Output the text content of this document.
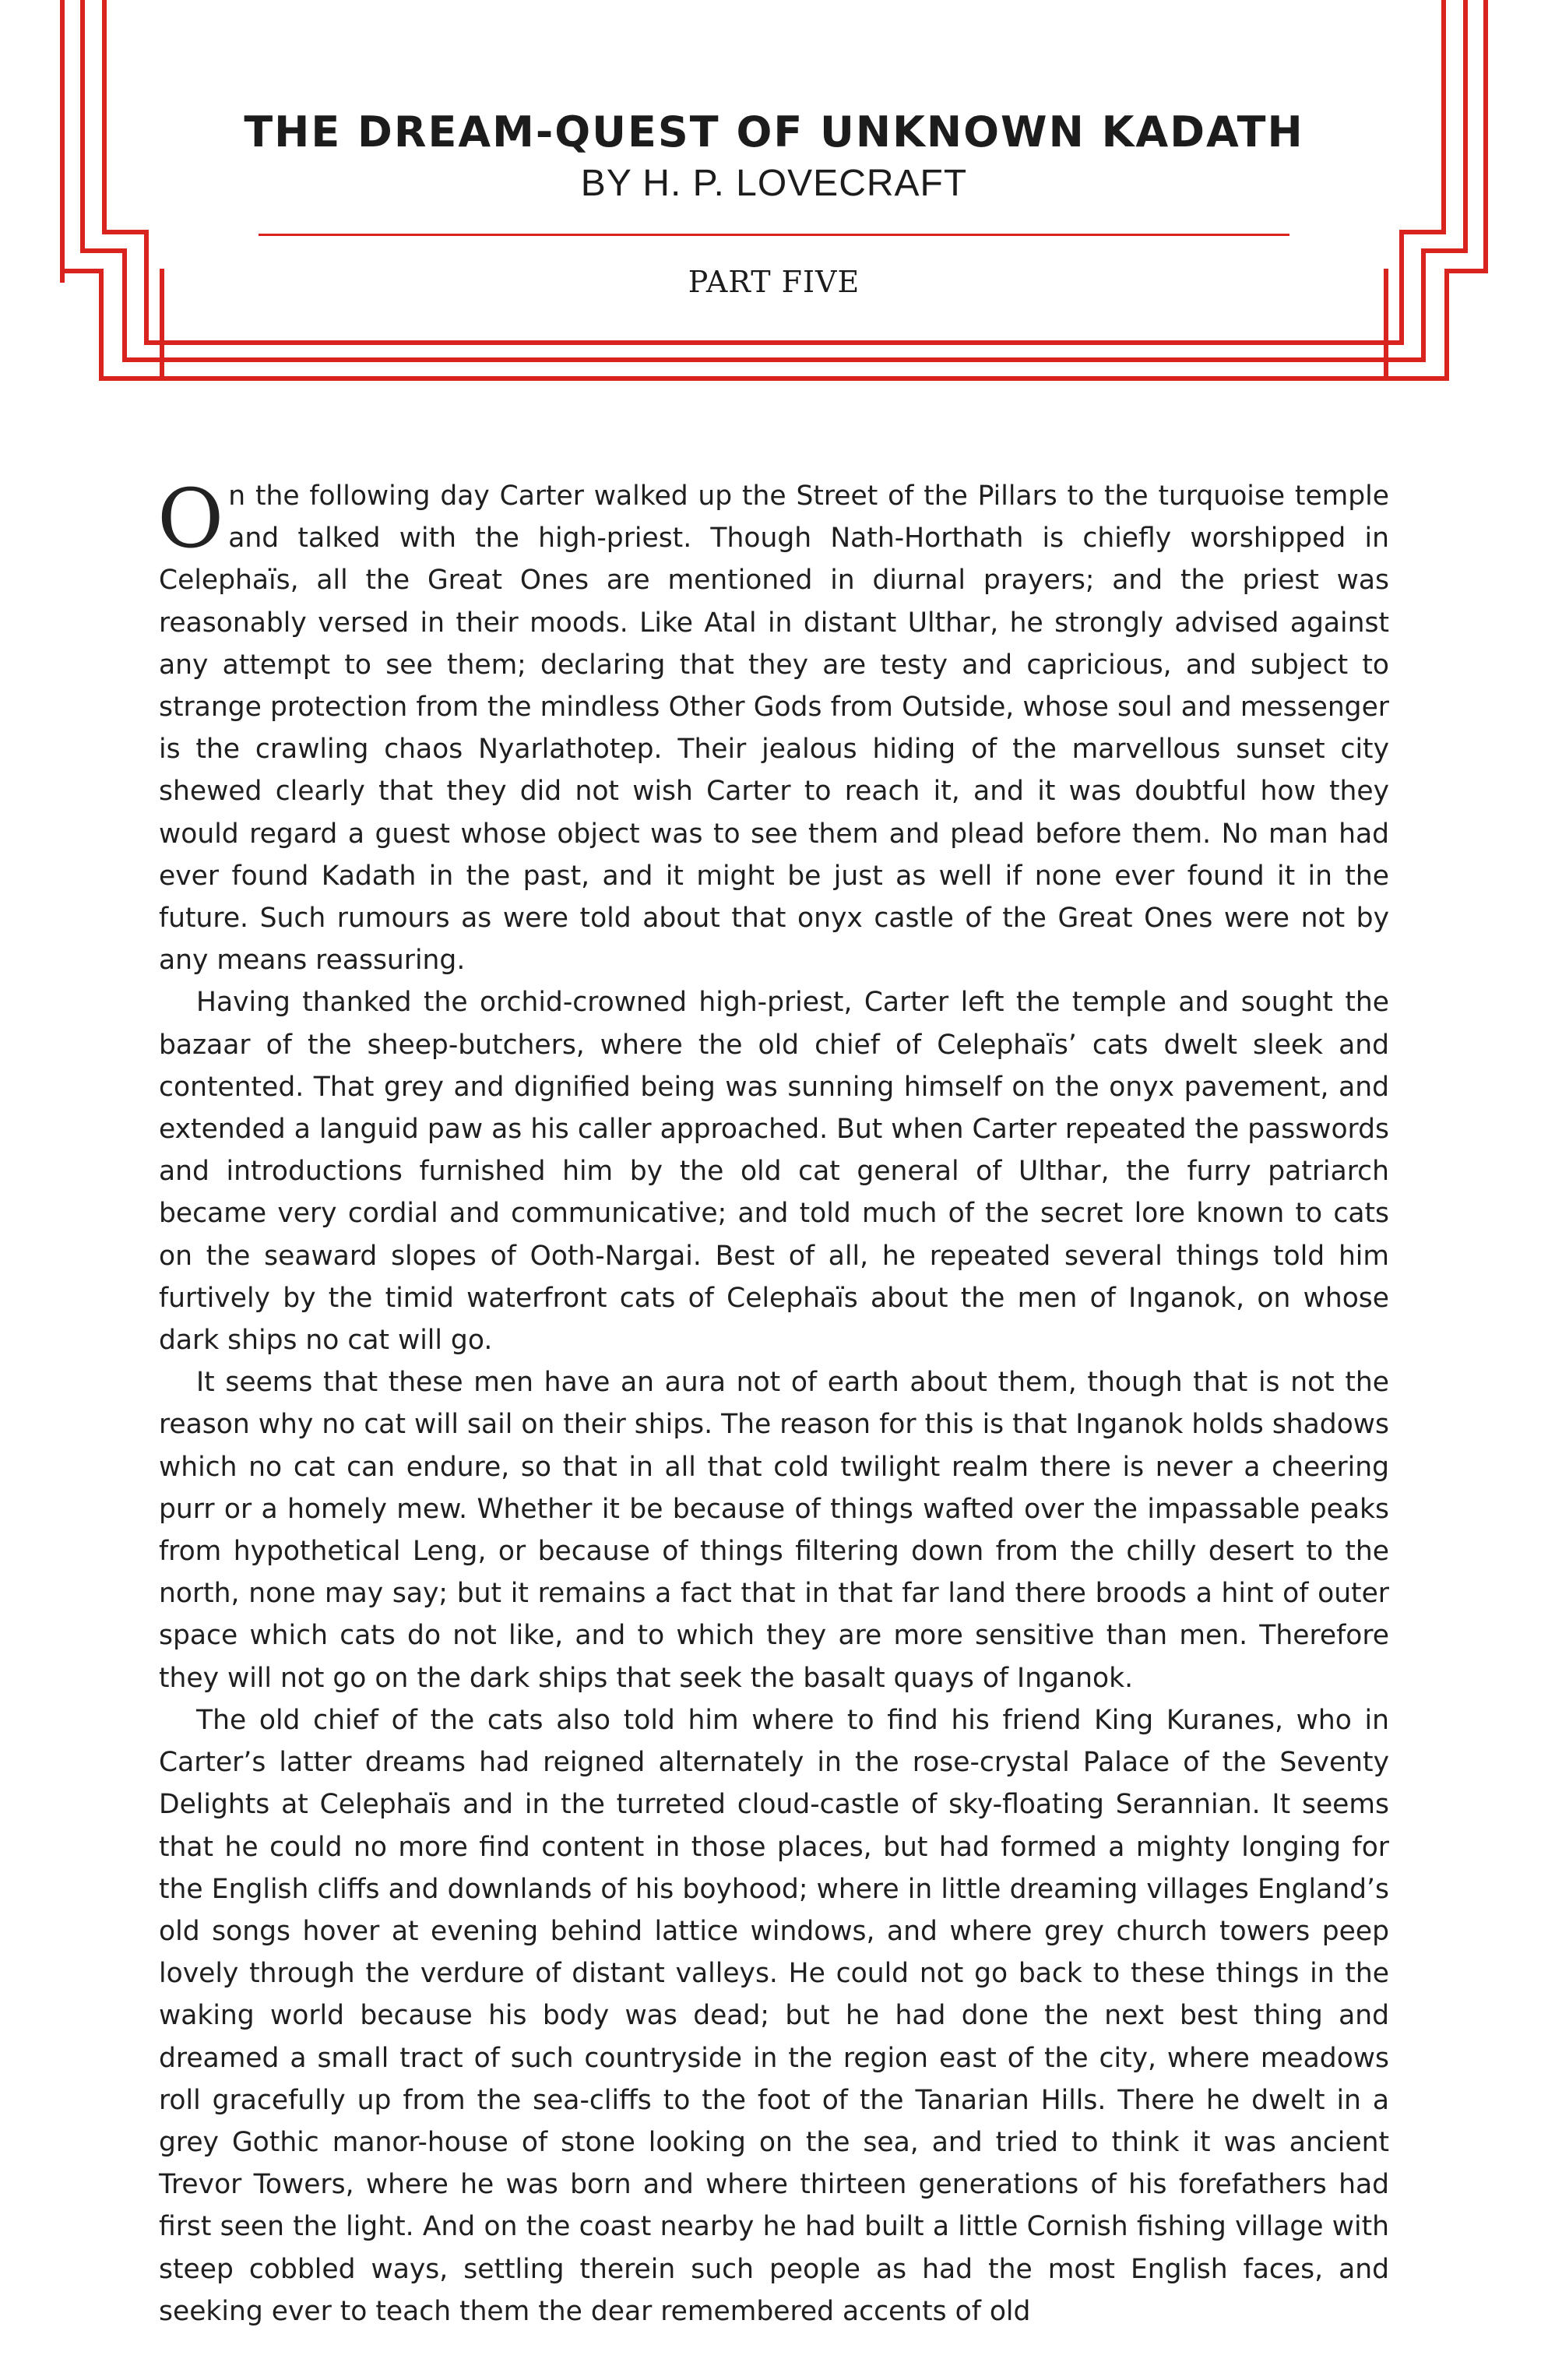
THE DREAM-QUEST OF UNKNOWN KADATH
BY H. P. LOVECRAFT
PART FIVE

On the following day Carter walked up the Street of the Pillars to the turquoise temple and talked with the high-priest. Though Nath-Horthath is chiefly worshipped in Celephaïs, all the Great Ones are mentioned in diurnal prayers; and the priest was reasonably versed in their moods. Like Atal in distant Ulthar, he strongly advised against any attempt to see them; declaring that they are testy and capricious, and subject to strange protection from the mindless Other Gods from Outside, whose soul and messenger is the crawling chaos Nyarlathotep. Their jealous hiding of the marvellous sunset city shewed clearly that they did not wish Carter to reach it, and it was doubtful how they would regard a guest whose object was to see them and plead before them. No man had ever found Kadath in the past, and it might be just as well if none ever found it in the future. Such rumours as were told about that onyx castle of the Great Ones were not by any means reassuring.

Having thanked the orchid-crowned high-priest, Carter left the temple and sought the bazaar of the sheep-butchers, where the old chief of Celephaïs’ cats dwelt sleek and contented. That grey and dignified being was sunning himself on the onyx pavement, and extended a languid paw as his caller approached. But when Carter repeated the passwords and introductions furnished him by the old cat general of Ulthar, the furry patriarch became very cordial and communicative; and told much of the secret lore known to cats on the seaward slopes of Ooth-Nargai. Best of all, he repeated several things told him furtively by the timid waterfront cats of Celephaïs about the men of Inganok, on whose dark ships no cat will go.

It seems that these men have an aura not of earth about them, though that is not the reason why no cat will sail on their ships. The reason for this is that Inganok holds shadows which no cat can endure, so that in all that cold twilight realm there is never a cheering purr or a homely mew. Whether it be because of things wafted over the impassable peaks from hypothetical Leng, or because of things filtering down from the chilly desert to the north, none may say; but it remains a fact that in that far land there broods a hint of outer space which cats do not like, and to which they are more sensitive than men. Therefore they will not go on the dark ships that seek the basalt quays of Inganok.

The old chief of the cats also told him where to find his friend King Kuranes, who in Carter’s latter dreams had reigned alternately in the rose-crystal Palace of the Seventy Delights at Celephaïs and in the turreted cloud-castle of sky-floating Serannian. It seems that he could no more find content in those places, but had formed a mighty longing for the English cliffs and downlands of his boyhood; where in little dreaming villages England’s old songs hover at evening behind lattice windows, and where grey church towers peep lovely through the verdure of distant valleys. He could not go back to these things in the waking world because his body was dead; but he had done the next best thing and dreamed a small tract of such countryside in the region east of the city, where meadows roll gracefully up from the sea-cliffs to the foot of the Tanarian Hills. There he dwelt in a grey Gothic manor-house of stone looking on the sea, and tried to think it was ancient Trevor Towers, where he was born and where thirteen generations of his forefathers had first seen the light. And on the coast nearby he had built a little Cornish fishing village with steep cobbled ways, settling therein such people as had the most English faces, and seeking ever to teach them the dear remembered accents of old
